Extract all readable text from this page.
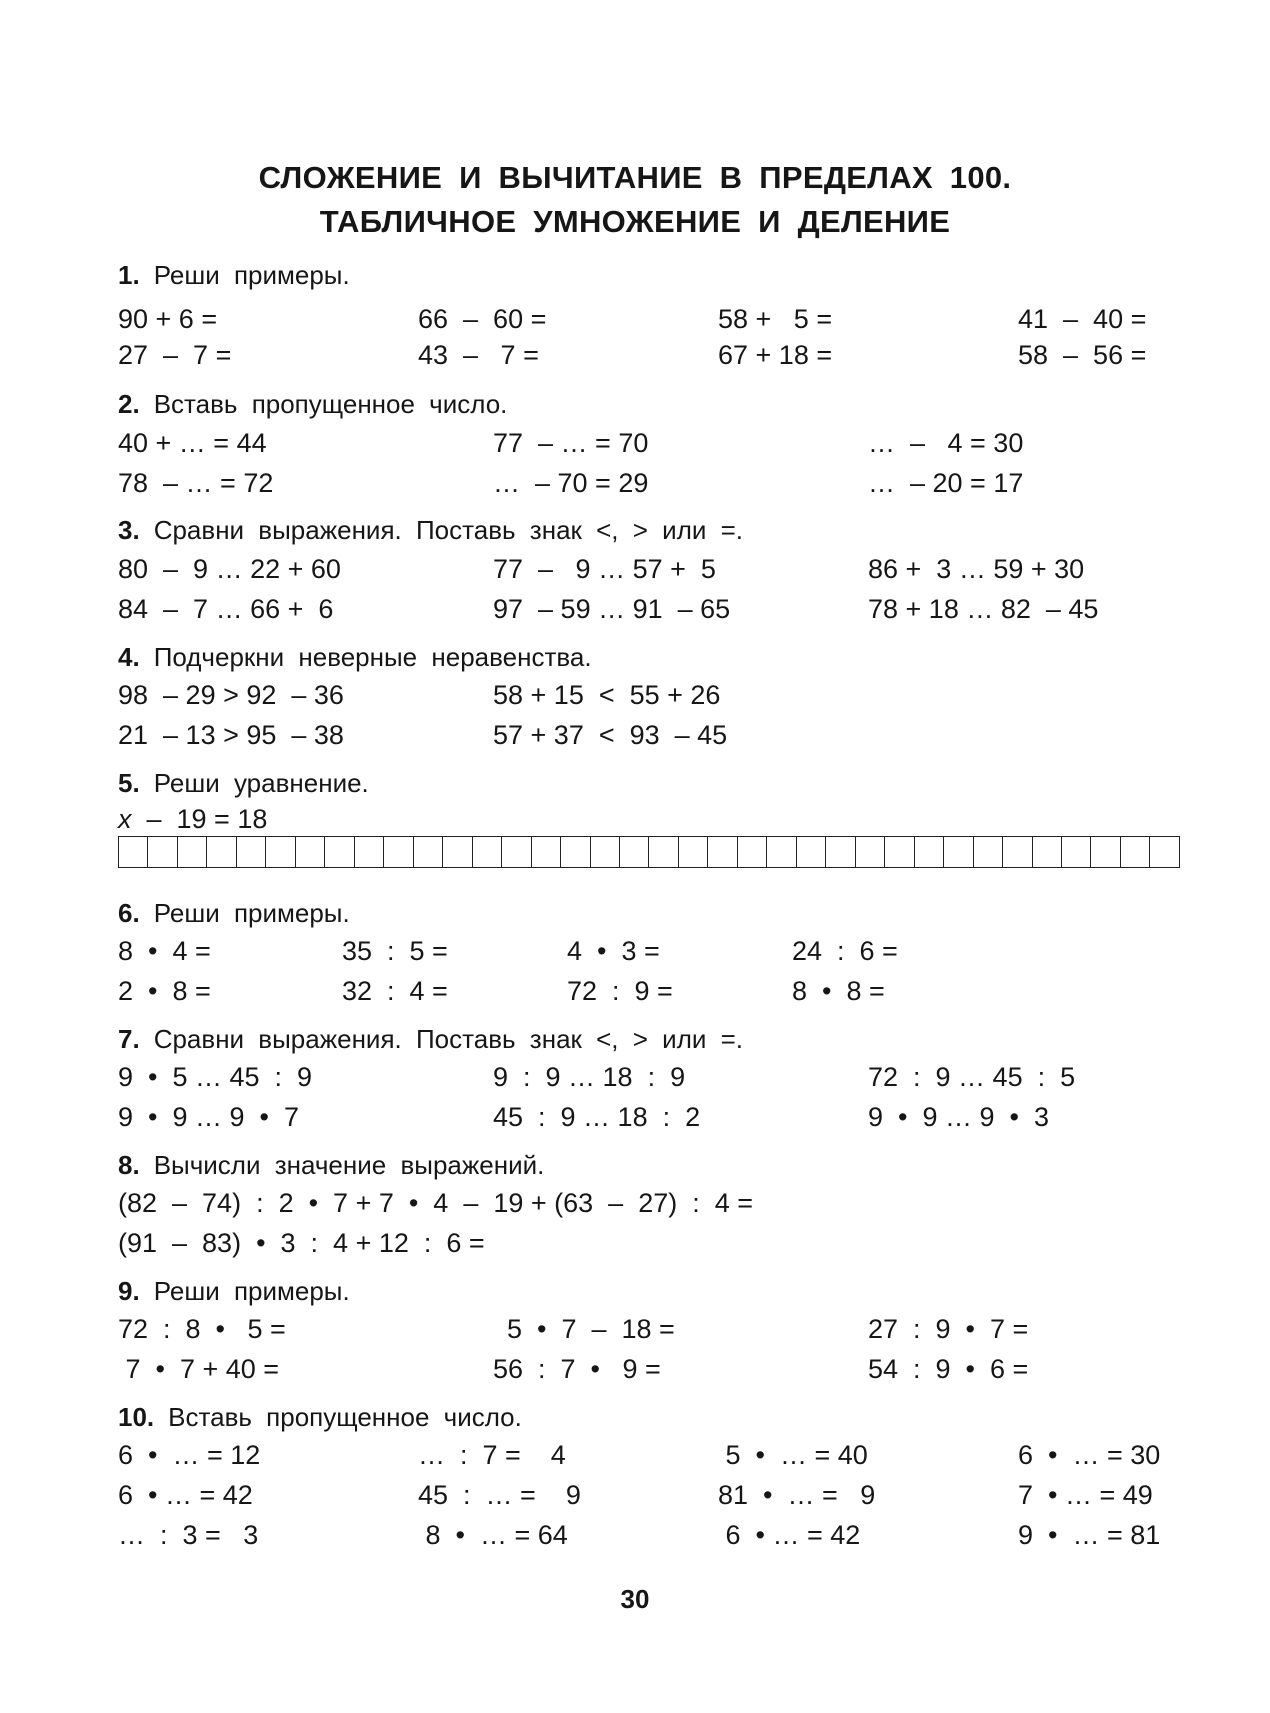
СЛОЖЕНИЕ И ВЫЧИТАНИЕ В ПРЕДЕЛАХ 100.
ТАБЛИЧНОЕ УМНОЖЕНИЕ И ДЕЛЕНИЕ
1. Реши примеры.
90 + 6 =	66  –  60 =	58 +   5 =	41  –  40 =
27  –  7 =	43  –   7 =	67 + 18 =	58  –  56 =
2. Вставь пропущенное число.
40 + … = 44	77  – … = 70	…  –   4 = 30
78  – … = 72	…  – 70 = 29	…  – 20 = 17
3. Сравни выражения. Поставь знак <, > или =.
80  –  9 … 22 + 60	77  –   9 … 57 +  5	86 +  3 … 59 + 30
84  –  7 … 66 +  6	97  – 59 … 91  – 65	78 + 18 … 82  – 45
4. Подчеркни неверные неравенства.
98  – 29 > 92  – 36	58 + 15  <  55 + 26
21  – 13 > 95  – 38	57 + 37  <  93  – 45
5. Реши уравнение.
x  –  19 = 18
6. Реши примеры.
8  •  4 =	35  :  5 =	4  •  3 =	24  :  6 =
2  •  8 =	32  :  4 =	72  :  9 =	8  •  8 =
7. Сравни выражения. Поставь знак <, > или =.
9  •  5 … 45  :  9	9  :  9 … 18  :  9	72  :  9 … 45  :  5
9  •  9 … 9  •  7	45  :  9 … 18  :  2	9  •  9 … 9  •  3
8. Вычисли значение выражений.
(82  –  74)  :  2  •  7 + 7  •  4  –  19 + (63  –  27)  :  4 =
(91  –  83)  •  3  :  4 + 12  :  6 =
9. Реши примеры.
72  :  8  •   5 =	5  •  7  –  18 =	27  :  9  •  7 =
7  •  7 + 40 =	56  :  7  •   9 =	54  :  9  •  6 =
10. Вставь пропущенное число.
6  •  … = 12	…  :  7 =    4	5  •  … = 40	6  •  … = 30
6  • … = 42	45  :  … =    9	81  •  … =   9	7  • … = 49
…  :  3 =   3	8  •  … = 64	6  • … = 42	9  •  … = 81
30
